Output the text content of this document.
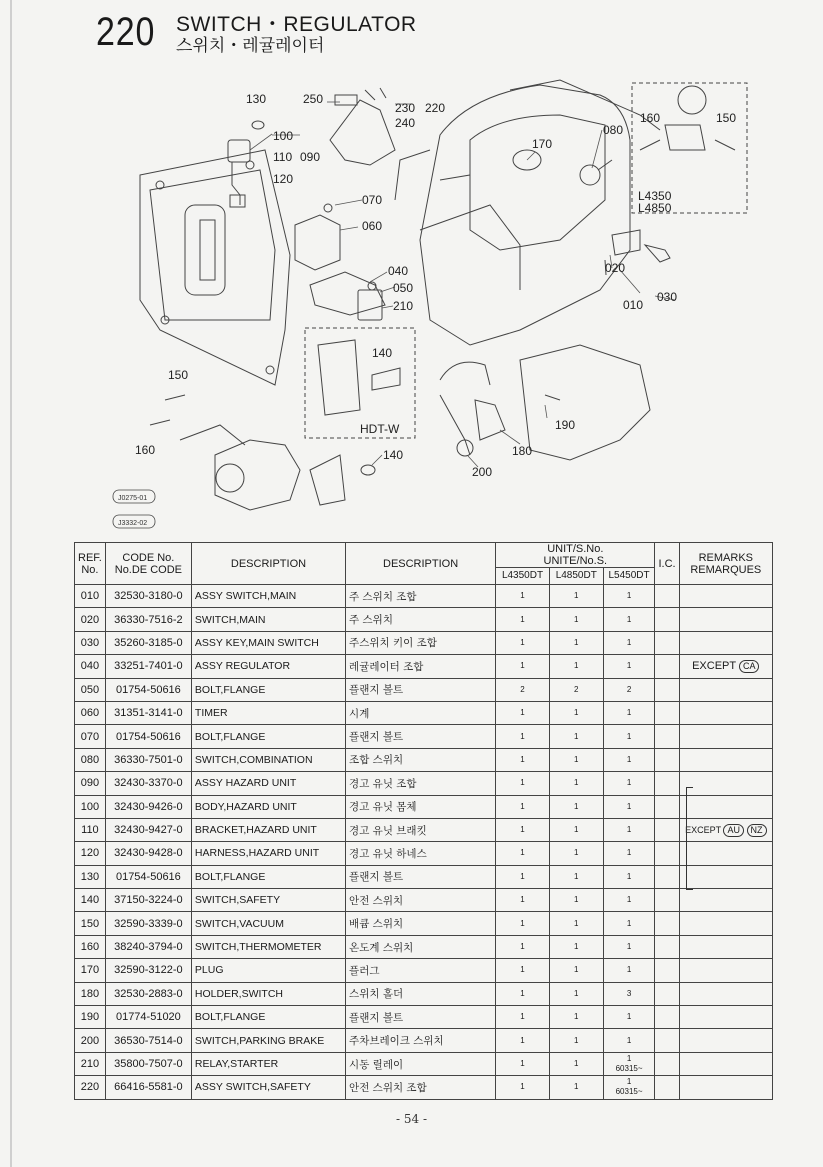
220 SWITCH・REGULATOR
스위치・레귤레이터
130	250
230 220
240
100
110 090
120
070
060
040
050
210
140
150
160	140
200
180
190
170
080
160	150
010
020
030
L4350
L4850
HDT-W
J0275-01
J3332-02
REF.
No.	CODE No.
No.DE CODE	DESCRIPTION	DESCRIPTION	UNIT/S.No.
UNITE/No.S.			I.C.	REMARKS
REMARQUES
				L4350DT	L4850DT	L5450DT		
010	32530-3180-0	ASSY SWITCH,MAIN	주 스위치 조합	1	1	1		
020	36330-7516-2	SWITCH,MAIN	주 스위치	1	1	1		
030	35260-3185-0	ASSY KEY,MAIN SWITCH	주스위치 키이 조합	1	1	1		
040	33251-7401-0	ASSY REGULATOR	레귤레이터 조합	1	1	1		EXCEPT CA
050	01754-50616	BOLT,FLANGE	플랜지 볼트	2	2	2		
060	31351-3141-0	TIMER	시계	1	1	1		
070	01754-50616	BOLT,FLANGE	플랜지 볼트	1	1	1		
080	36330-7501-0	SWITCH,COMBINATION	조합 스위치	1	1	1		
090	32430-3370-0	ASSY HAZARD UNIT	경고 유닛 조합	1	1	1		
100	32430-9426-0	BODY,HAZARD UNIT	경고 유닛 몸체	1	1	1		
110	32430-9427-0	BRACKET,HAZARD UNIT	경고 유닛 브래킷	1	1	1		EXCEPT AU NZ
120	32430-9428-0	HARNESS,HAZARD UNIT	경고 유닛 하네스	1	1	1		
130	01754-50616	BOLT,FLANGE	플랜지 볼트	1	1	1		
140	37150-3224-0	SWITCH,SAFETY	안전 스위치	1	1	1		
150	32590-3339-0	SWITCH,VACUUM	배큠 스위치	1	1	1		
160	38240-3794-0	SWITCH,THERMOMETER	온도계 스위치	1	1	1		
170	32590-3122-0	PLUG	플러그	1	1	1		
180	32530-2883-0	HOLDER,SWITCH	스위치 홀더	1	1	3		
190	01774-51020	BOLT,FLANGE	플랜지 볼트	1	1	1		
200	36530-7514-0	SWITCH,PARKING BRAKE	주차브레이크 스위치	1	1	1		
210	35800-7507-0	RELAY,STARTER	시동 릴레이	1	1	1
60315~		
220	66416-5581-0	ASSY SWITCH,SAFETY	안전 스위치 조합	1	1	1
60315~		
- 54 -
